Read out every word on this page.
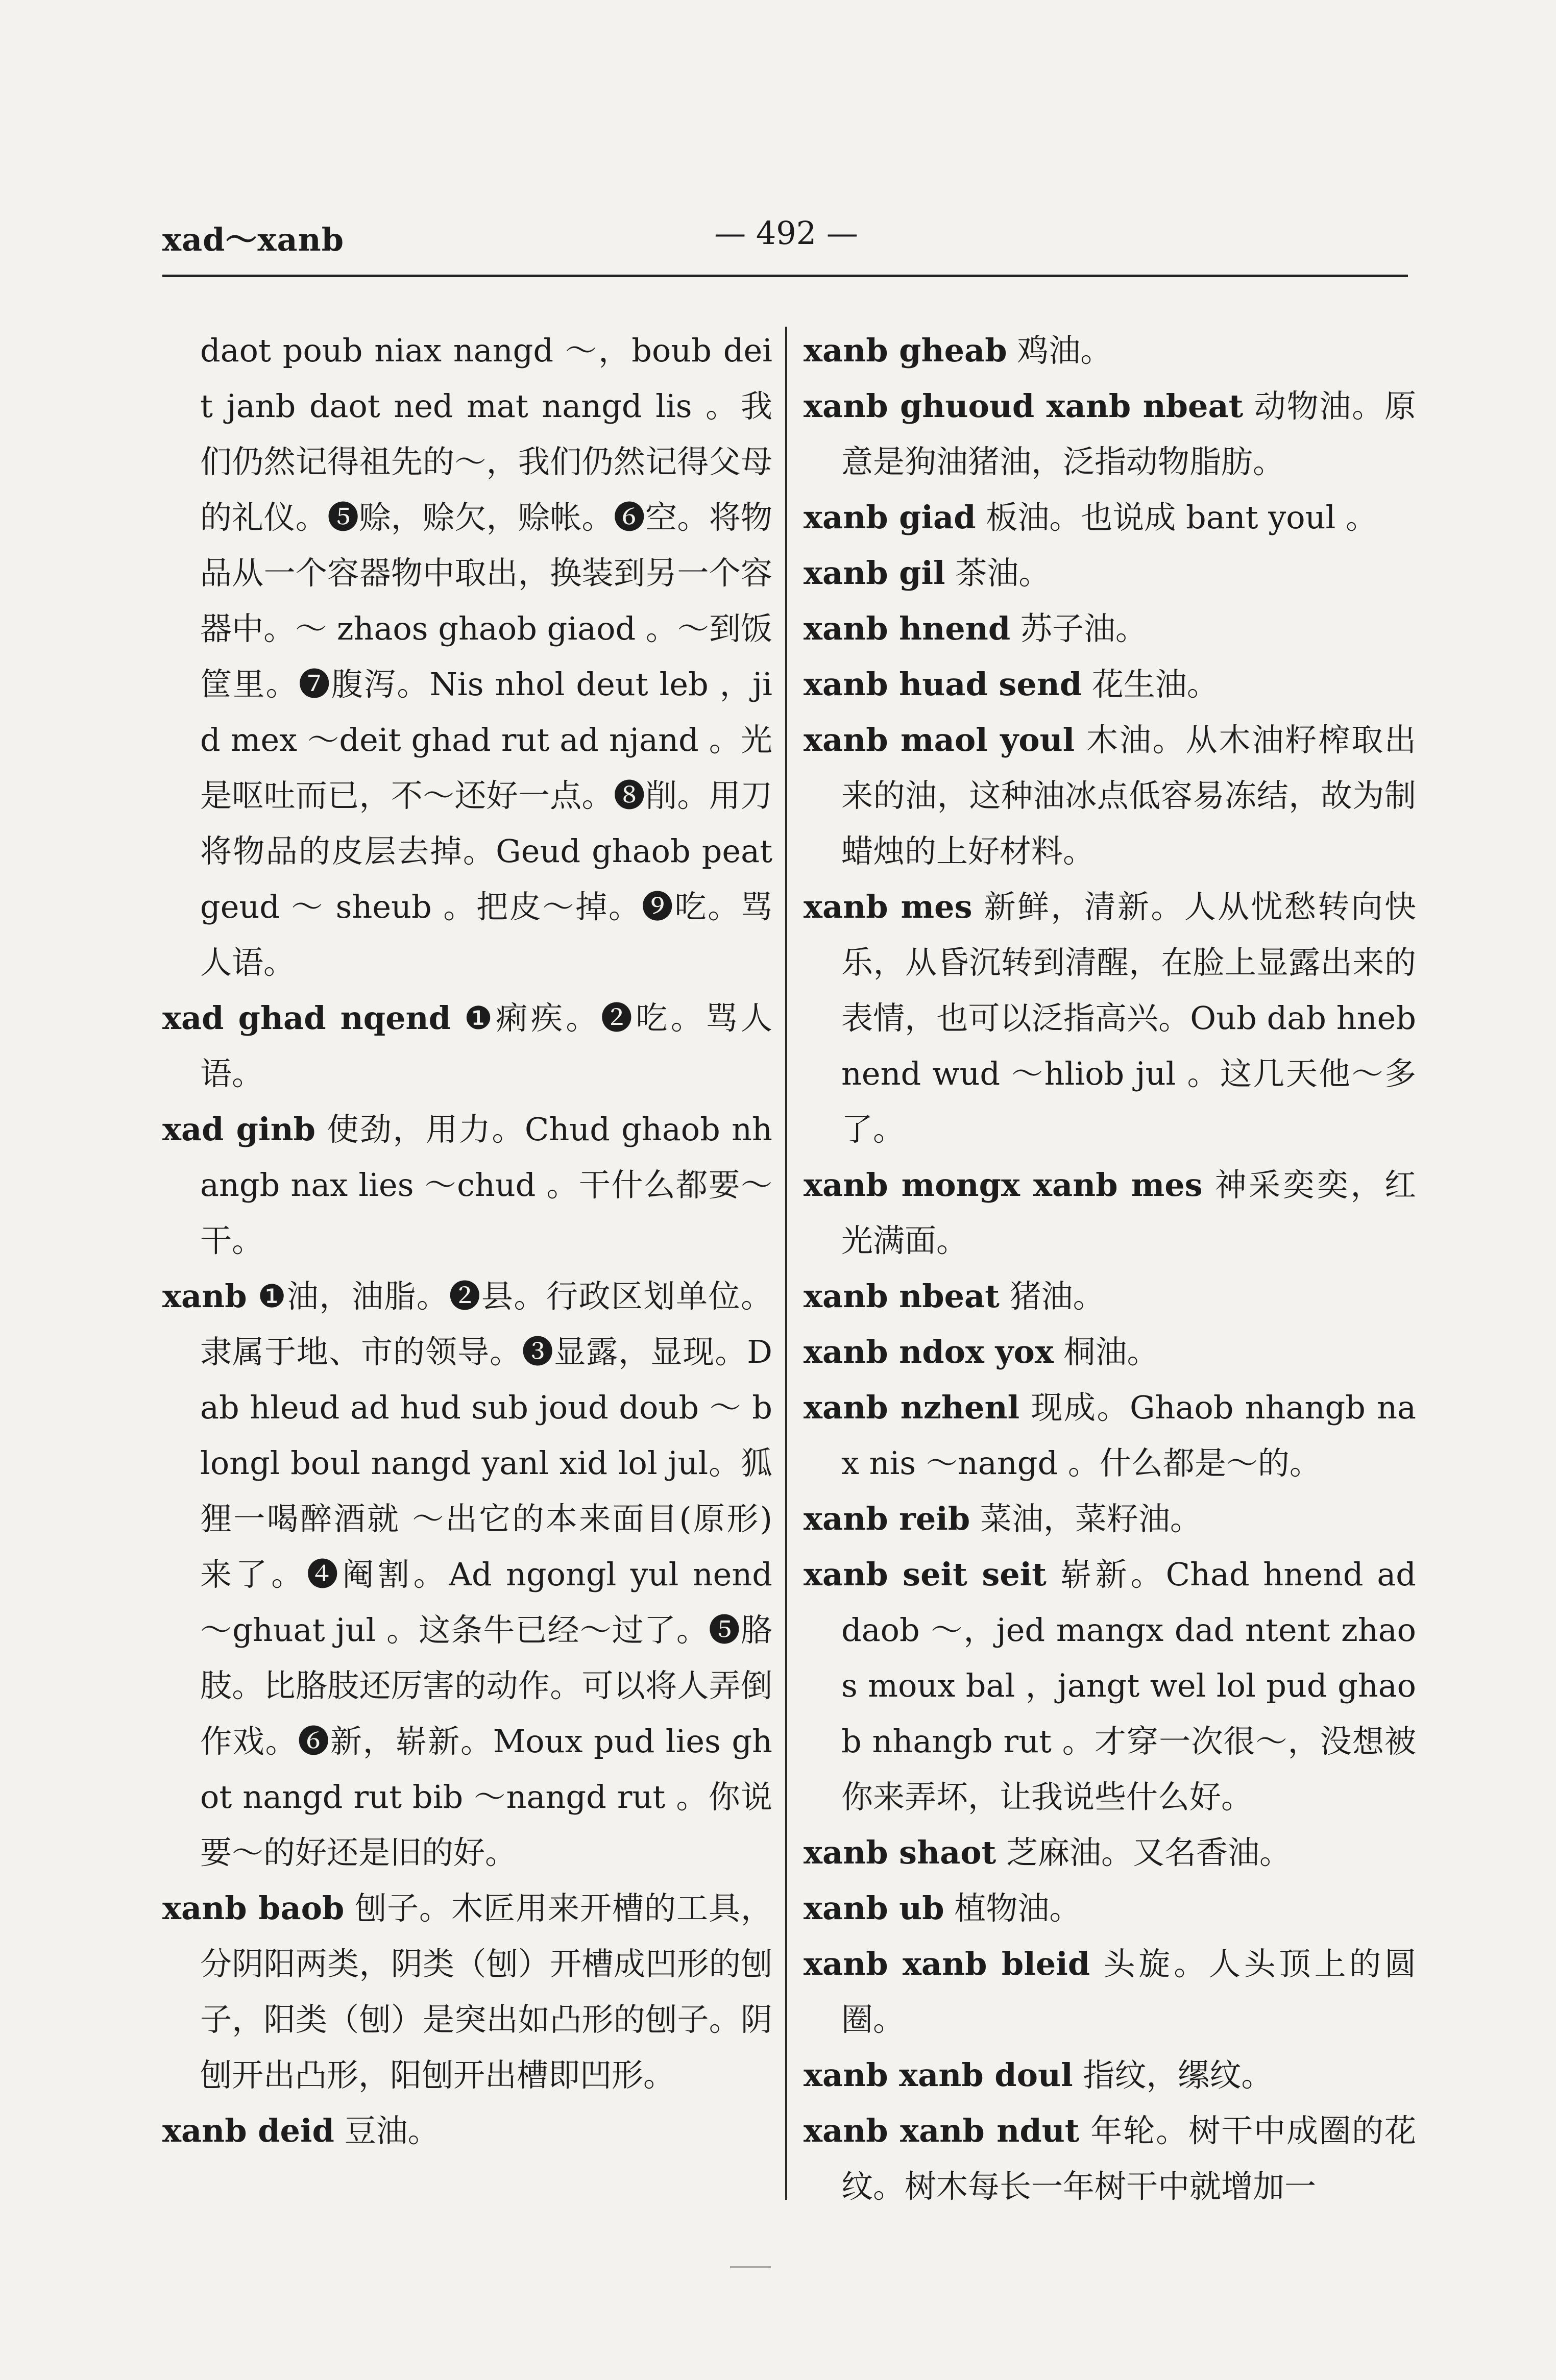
xad～xanb	— 492 —
daot poub niax nangd ～，boub deit janb daot ned mat nangd lis 。我们仍然记得祖先的～，我们仍然记得父母的礼仪。❺赊，赊欠，赊帐。❻空。将物品从一个容器物中取出，换装到另一个容器中。～ zhaos ghaob giaod 。～到饭筐里。❼腹泻。Nis nhol deut leb ，jid mex ～deit ghad rut ad njand 。光是呕吐而已，不～还好一点。❽削。用刀将物品的皮层去掉。Geud ghaob peat geud ～ sheub 。把皮～掉。❾吃。骂人语。
xad ghad nqend ❶痢疾。❷吃。骂人语。
xad ginb 使劲，用力。Chud ghaob nhangb nax lies ～chud 。干什么都要～干。
xanb ❶油，油脂。❷县。行政区划单位。隶属于地、市的领导。❸显露，显现。Dab hleud ad hud sub joud doub ～ blongl boul nangd yanl xid lol jul。狐狸一喝醉酒就 ～出它的本来面目(原形)来了。❹阉割。Ad ngongl yul nend ～ghuat jul 。这条牛已经～过了。❺胳肢。比胳肢还厉害的动作。可以将人弄倒作戏。❻新，崭新。Moux pud lies ghot nangd rut bib ～nangd rut 。你说要～的好还是旧的好。
xanb baob 刨子。木匠用来开槽的工具，分阴阳两类，阴类（刨）开槽成凹形的刨子，阳类（刨）是突出如凸形的刨子。阴刨开出凸形，阳刨开出槽即凹形。
xanb deid 豆油。
xanb gheab 鸡油。
xanb ghuoud xanb nbeat 动物油。原意是狗油猪油，泛指动物脂肪。
xanb giad 板油。也说成 bant youl 。
xanb gil 茶油。
xanb hnend 苏子油。
xanb huad send 花生油。
xanb maol youl 木油。从木油籽榨取出来的油，这种油冰点低容易冻结，故为制蜡烛的上好材料。
xanb mes 新鲜，清新。人从忧愁转向快乐，从昏沉转到清醒，在脸上显露出来的表情，也可以泛指高兴。Oub dab hneb nend wud ～hliob jul 。这几天他～多了。
xanb mongx xanb mes 神采奕奕，红光满面。
xanb nbeat 猪油。
xanb ndox yox 桐油。
xanb nzhenl 现成。Ghaob nhangb nax nis ～nangd 。什么都是～的。
xanb reib 菜油，菜籽油。
xanb seit seit 崭新。Chad hnend ad daob ～，jed mangx dad ntent zhaos moux bal ，jangt wel lol pud ghaob nhangb rut 。才穿一次很～，没想被你来弄坏，让我说些什么好。
xanb shaot 芝麻油。又名香油。
xanb ub 植物油。
xanb xanb bleid 头旋。人头顶上的圆圈。
xanb xanb doul 指纹，缧纹。
xanb xanb ndut 年轮。树干中成圈的花纹。树木每长一年树干中就增加一
